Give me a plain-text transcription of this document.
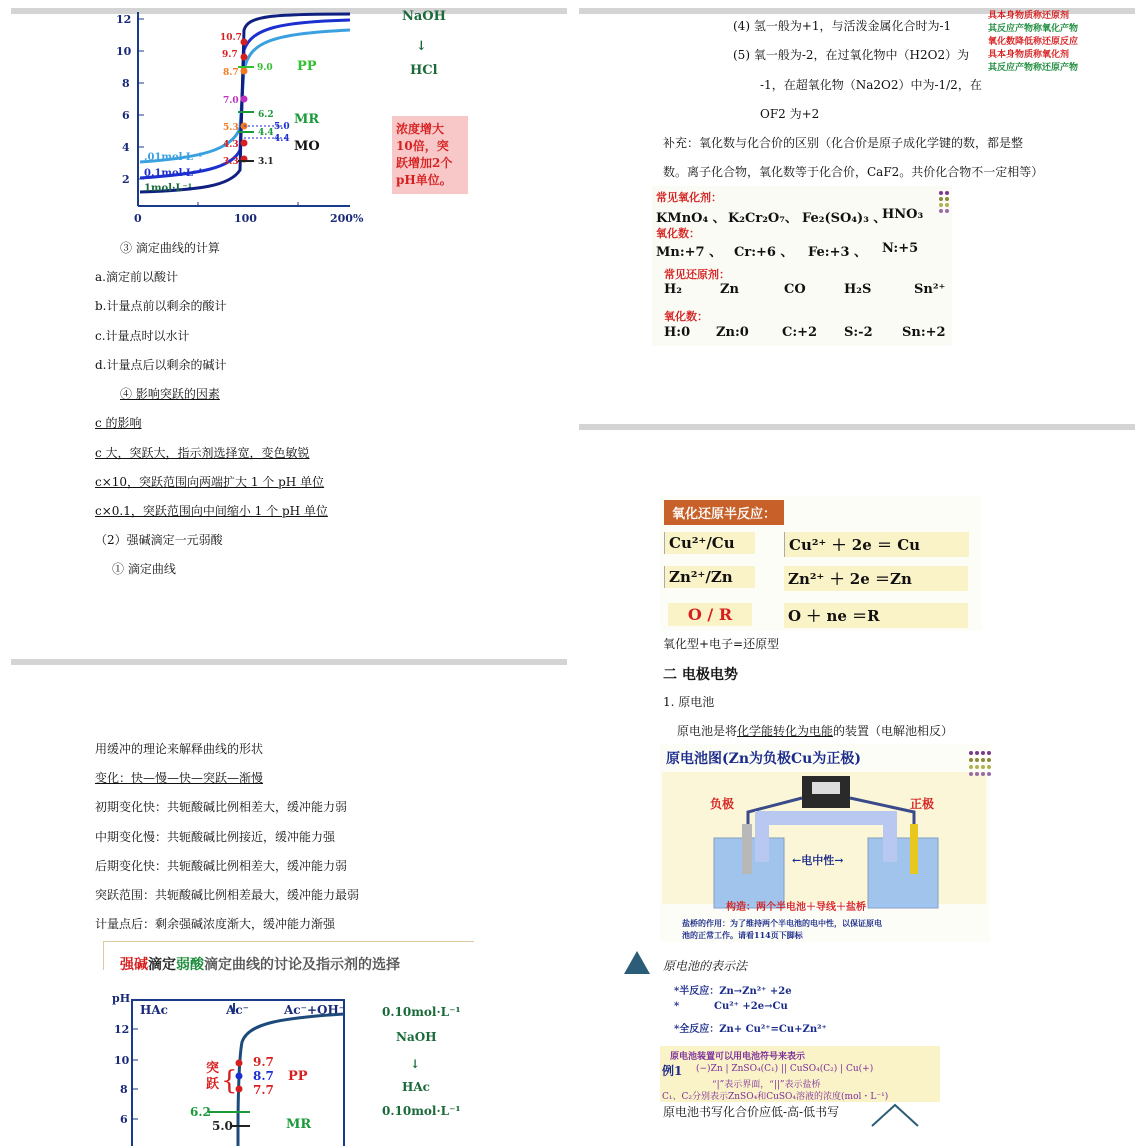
12
10
8
6
4
2
0	100	200%
10.7
9.7
8.7 9.0
7.0
6.2
5.3	5.0
4.4
4.4
4.3
3.3 3.1
.01mol·L⁻¹
0.1mol·L⁻¹
1mol·L⁻¹
PP
MR
MO
NaOH
↓
HCl
浓度增大
10倍，突
跃增加2个
pH单位。
③ 滴定曲线的计算
a.滴定前以酸计
b.计量点前以剩余的酸计
c.计量点时以水计
d.计量点后以剩余的碱计
④ 影响突跃的因素
c 的影响
c 大，突跃大，指示剂选择宽，变色敏锐
c×10，突跃范围向两端扩大 1 个 pH 单位
c×0.1，突跃范围向中间缩小 1 个 pH 单位
（2）强碱滴定一元弱酸
① 滴定曲线
(4) 氢一般为+1，与活泼金属化合时为-1
(5) 氧一般为-2，在过氧化物中（H2O2）为
-1，在超氧化物（Na2O2）中为-1/2，在
OF2 为+2
补充：氧化数与化合价的区别（化合价是原子成化学键的数，都是整
数。离子化合物，氧化数等于化合价，CaF2。共价化合物不一定相等）
具本身物质称还原剂
其反应产物称氧化产物
氧化数降低称还原反应
具本身物质称氧化剂
其反应产物称还原产物
常见氧化剂：
KMnO₄ 、 K₂Cr₂O₇、 Fe₂(SO₄)₃ 、
HNO₃
氧化数：
Mn:+7 、 Cr:+6 、 Fe:+3 、 N:+5
常见还原剂：
H₂	Zn	CO	H₂S	Sn²⁺
氧化数：
H:0 Zn:0	C:+2 S:-2 Sn:+2
用缓冲的理论来解释曲线的形状
变化：快—慢—快—突跃—渐慢
初期变化快：共轭酸碱比例相差大，缓冲能力弱
中期变化慢：共轭酸碱比例接近，缓冲能力强
后期变化快：共轭酸碱比例相差大，缓冲能力弱
突跃范围：共轭酸碱比例相差最大，缓冲能力最弱
计量点后：剩余强碱浓度渐大，缓冲能力渐强
强碱滴定弱酸滴定曲线的讨论及指示剂的选择
pH
12
10
8
6
HAc	Ac⁻	Ac⁻+OH⁻
突
跃 {
9.7
8.7
7.7
6.2
5.0
PP
MR
0.10mol·L⁻¹
NaOH
↓
HAc
0.10mol·L⁻¹
氧化还原半反应：
Cu²⁺/Cu	Cu²⁺ ＋ 2e ＝ Cu
Zn²⁺/Zn	Zn²⁺ ＋ 2e ＝Zn
O / R	O ＋ ne ＝R
氧化型+电子=还原型
二 电极电势
1. 原电池
原电池是将化学能转化为电能的装置（电解池相反）
原电池图(Zn为负极Cu为正极)
负极	正极
←电中性→
构造：两个半电池＋导线＋盐桥
盐桥的作用：为了维持两个半电池的电中性，以保证原电
池的正常工作。请看114页下脚标
原电池的表示法
*半反应：Zn→Zn²⁺ +2e
*          Cu²⁺ +2e→Cu
*全反应：Zn+ Cu²⁺=Cu+Zn²⁺
原电池装置可以用电池符号来表示
例1 (−)Zn | ZnSO₄(C₁) || CuSO₄(C₂) | Cu(+)
“|”表示界面，“||”表示盐桥
C₁、C₂分别表示ZnSO₄和CuSO₄溶液的浓度(mol・L⁻¹)
原电池书写化合价应低-高-低书写
